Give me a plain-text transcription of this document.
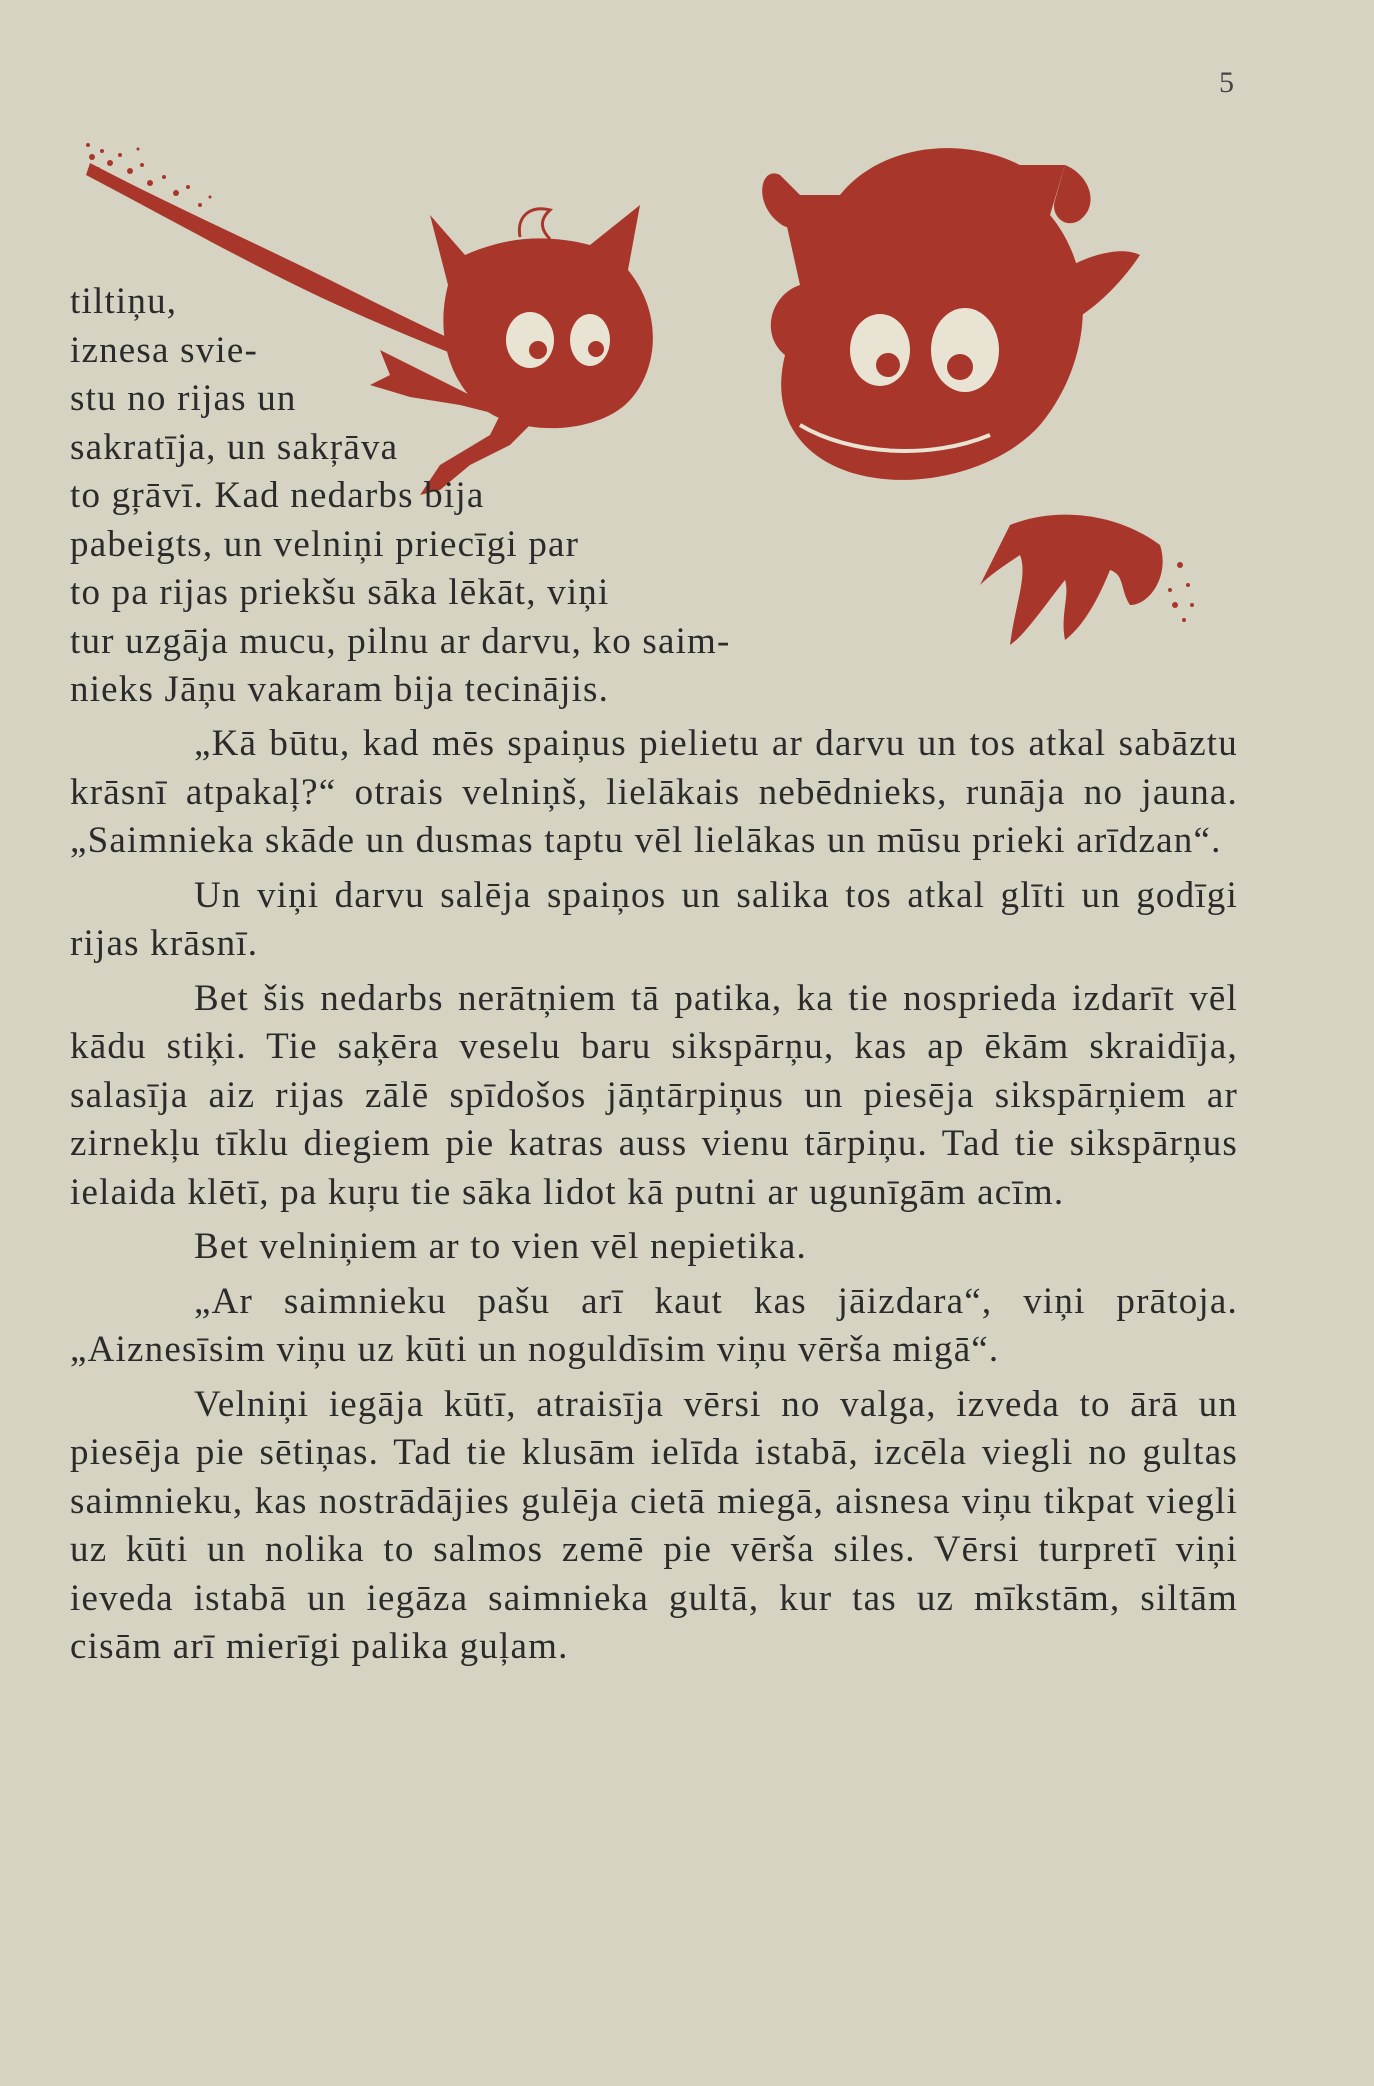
5
tiltiņu,
iznesa svie-
stu no rijas un
sakratīja, un sakŗāva
to gŗāvī. Kad nedarbs bija
pabeigts, un velniņi priecīgi par
to pa rijas priekšu sāka lēkāt, viņi
tur uzgāja mucu, pilnu ar darvu, ko saim-
nieks Jāņu vakaram bija tecinājis.

„Kā būtu, kad mēs spaiņus pielietu ar darvu un tos atkal sabāztu krāsnī atpakaļ?“ otrais velniņš, lielākais nebēdnieks, runāja no jauna. „Saimnieka skāde un dusmas taptu vēl lielākas un mūsu prieki arīdzan“.

Un viņi darvu salēja spaiņos un salika tos atkal glīti un godīgi rijas krāsnī.

Bet šis nedarbs nerātņiem tā patika, ka tie nosprieda izdarīt vēl kādu stiķi. Tie saķēra veselu baru sikspārņu, kas ap ēkām skraidīja, salasīja aiz rijas zālē spīdošos jāņtārpiņus un piesēja sikspārņiem ar zirnekļu tīklu diegiem pie katras auss vienu tārpiņu. Tad tie sikspārņus ielaida klētī, pa kuŗu tie sāka lidot kā putni ar ugunīgām acīm.

Bet velniņiem ar to vien vēl nepietika.

„Ar saimnieku pašu arī kaut kas jāizdara“, viņi prātoja. „Aiznesīsim viņu uz kūti un noguldīsim viņu vērša migā“.

Velniņi iegāja kūtī, atraisīja vērsi no valga, izveda to ārā un piesēja pie sētiņas. Tad tie klusām ielīda istabā, izcēla viegli no gultas saimnieku, kas nostrādājies gulēja cietā miegā, aisnesa viņu tikpat viegli uz kūti un nolika to salmos zemē pie vērša siles. Vērsi turpretī viņi ieveda istabā un iegāza saimnieka gultā, kur tas uz mīkstām, siltām cisām arī mierīgi palika guļam.
